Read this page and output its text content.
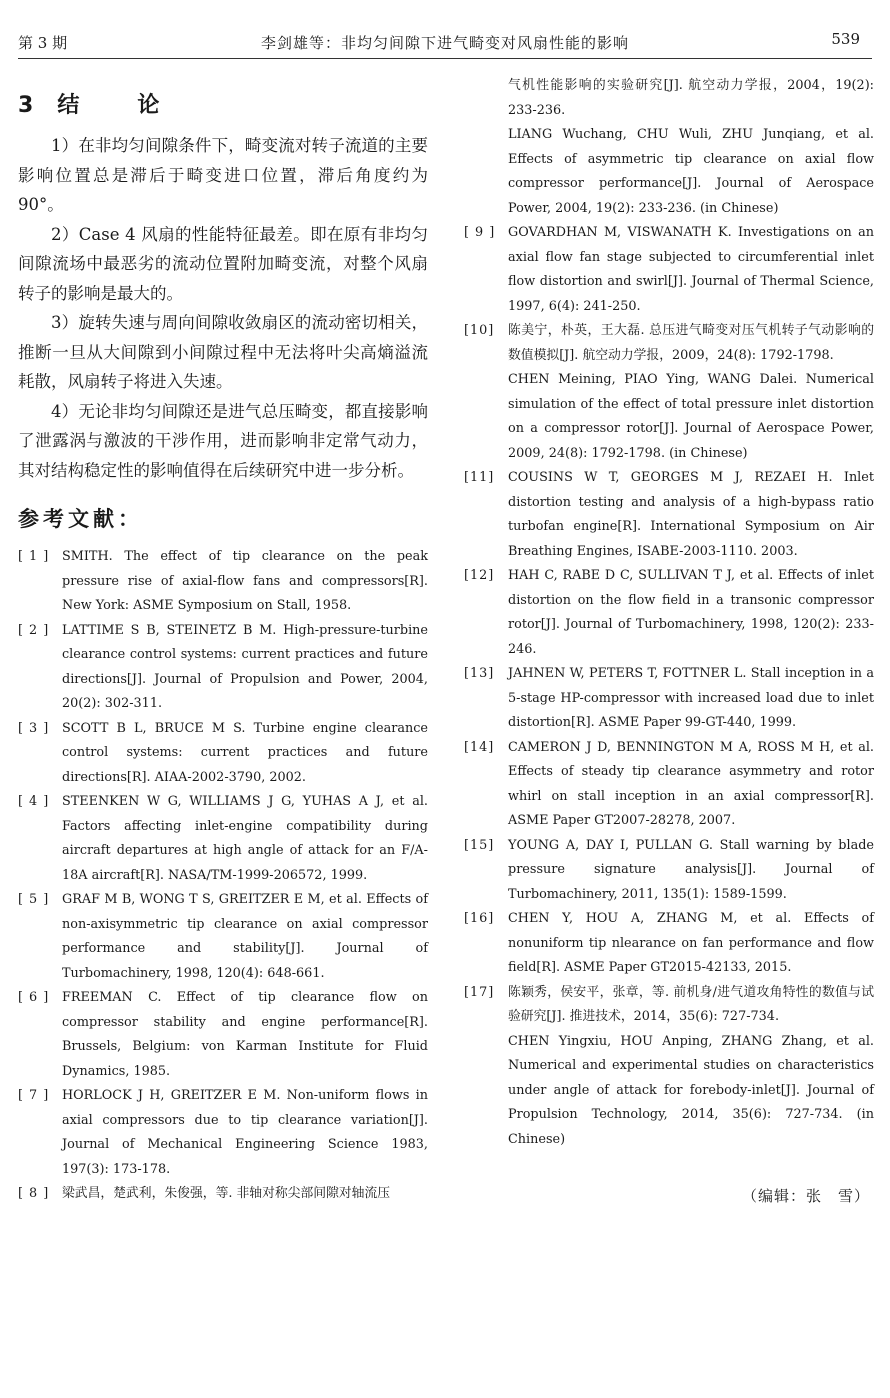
第 3 期	李剑雄等：非均匀间隙下进气畸变对风扇性能的影响	539
3 结　论

1）在非均匀间隙条件下，畸变流对转子流道的主要影响位置总是滞后于畸变进口位置，滞后角度约为 90°。

2）Case 4 风扇的性能特征最差。即在原有非均匀间隙流场中最恶劣的流动位置附加畸变流，对整个风扇转子的影响是最大的。

3）旋转失速与周向间隙收敛扇区的流动密切相关，推断一旦从大间隙到小间隙过程中无法将叶尖高熵溢流耗散，风扇转子将进入失速。

4）无论非均匀间隙还是进气总压畸变，都直接影响了泄露涡与激波的干涉作用，进而影响非定常气动力，其对结构稳定性的影响值得在后续研究中进一步分析。

参考文献：
[ 1 ] SMITH. The effect of tip clearance on the peak pressure rise of axial-flow fans and compressors[R]. New York: ASME Symposium on Stall, 1958.
[ 2 ] LATTIME S B, STEINETZ B M. High-pressure-turbine clearance control systems: current practices and future directions[J]. Journal of Propulsion and Power, 2004, 20(2): 302-311.
[ 3 ] SCOTT B L, BRUCE M S. Turbine engine clearance control systems: current practices and future directions[R]. AIAA-2002-3790, 2002.
[ 4 ] STEENKEN W G, WILLIAMS J G, YUHAS A J, et al. Factors affecting inlet-engine compatibility during aircraft departures at high angle of attack for an F/A-18A aircraft[R]. NASA/TM-1999-206572, 1999.
[ 5 ] GRAF M B, WONG T S, GREITZER E M, et al. Effects of non-axisymmetric tip clearance on axial compressor performance and stability[J]. Journal of Turbomachinery, 1998, 120(4): 648-661.
[ 6 ] FREEMAN C. Effect of tip clearance flow on compressor stability and engine performance[R]. Brussels, Belgium: von Karman Institute for Fluid Dynamics, 1985.
[ 7 ] HORLOCK J H, GREITZER E M. Non-uniform flows in axial compressors due to tip clearance variation[J]. Journal of Mechanical Engineering Science 1983, 197(3): 173-178.
[ 8 ] 梁武昌，楚武利，朱俊强，等. 非轴对称尖部间隙对轴流压
气机性能影响的实验研究[J]. 航空动力学报，2004，19(2): 233-236.
LIANG Wuchang, CHU Wuli, ZHU Junqiang, et al. Effects of asymmetric tip clearance on axial flow compressor performance[J]. Journal of Aerospace Power, 2004, 19(2): 233-236. (in Chinese)
[ 9 ] GOVARDHAN M, VISWANATH K. Investigations on an axial flow fan stage subjected to circumferential inlet flow distortion and swirl[J]. Journal of Thermal Science, 1997, 6(4): 241-250.
[10] 陈美宁，朴英，王大磊. 总压进气畸变对压气机转子气动影响的数值模拟[J]. 航空动力学报，2009，24(8): 1792-1798.
CHEN Meining, PIAO Ying, WANG Dalei. Numerical simulation of the effect of total pressure inlet distortion on a compressor rotor[J]. Journal of Aerospace Power, 2009, 24(8): 1792-1798. (in Chinese)
[11] COUSINS W T, GEORGES M J, REZAEI H. Inlet distortion testing and analysis of a high-bypass ratio turbofan engine[R]. International Symposium on Air Breathing Engines, ISABE-2003-1110. 2003.
[12] HAH C, RABE D C, SULLIVAN T J, et al. Effects of inlet distortion on the flow field in a transonic compressor rotor[J]. Journal of Turbomachinery, 1998, 120(2): 233-246.
[13] JAHNEN W, PETERS T, FOTTNER L. Stall inception in a 5-stage HP-compressor with increased load due to inlet distortion[R]. ASME Paper 99-GT-440, 1999.
[14] CAMERON J D, BENNINGTON M A, ROSS M H, et al. Effects of steady tip clearance asymmetry and rotor whirl on stall inception in an axial compressor[R]. ASME Paper GT2007-28278, 2007.
[15] YOUNG A, DAY I, PULLAN G. Stall warning by blade pressure signature analysis[J]. Journal of Turbomachinery, 2011, 135(1): 1589-1599.
[16] CHEN Y, HOU A, ZHANG M, et al. Effects of nonuniform tip nlearance on fan performance and flow field[R]. ASME Paper GT2015-42133, 2015.
[17] 陈颖秀，侯安平，张章，等. 前机身/进气道攻角特性的数值与试验研究[J]. 推进技术，2014，35(6): 727-734.
CHEN Yingxiu, HOU Anping, ZHANG Zhang, et al. Numerical and experimental studies on characteristics under angle of attack for forebody-inlet[J]. Journal of Propulsion Technology, 2014, 35(6): 727-734. (in Chinese)
（编辑：张　雪）
